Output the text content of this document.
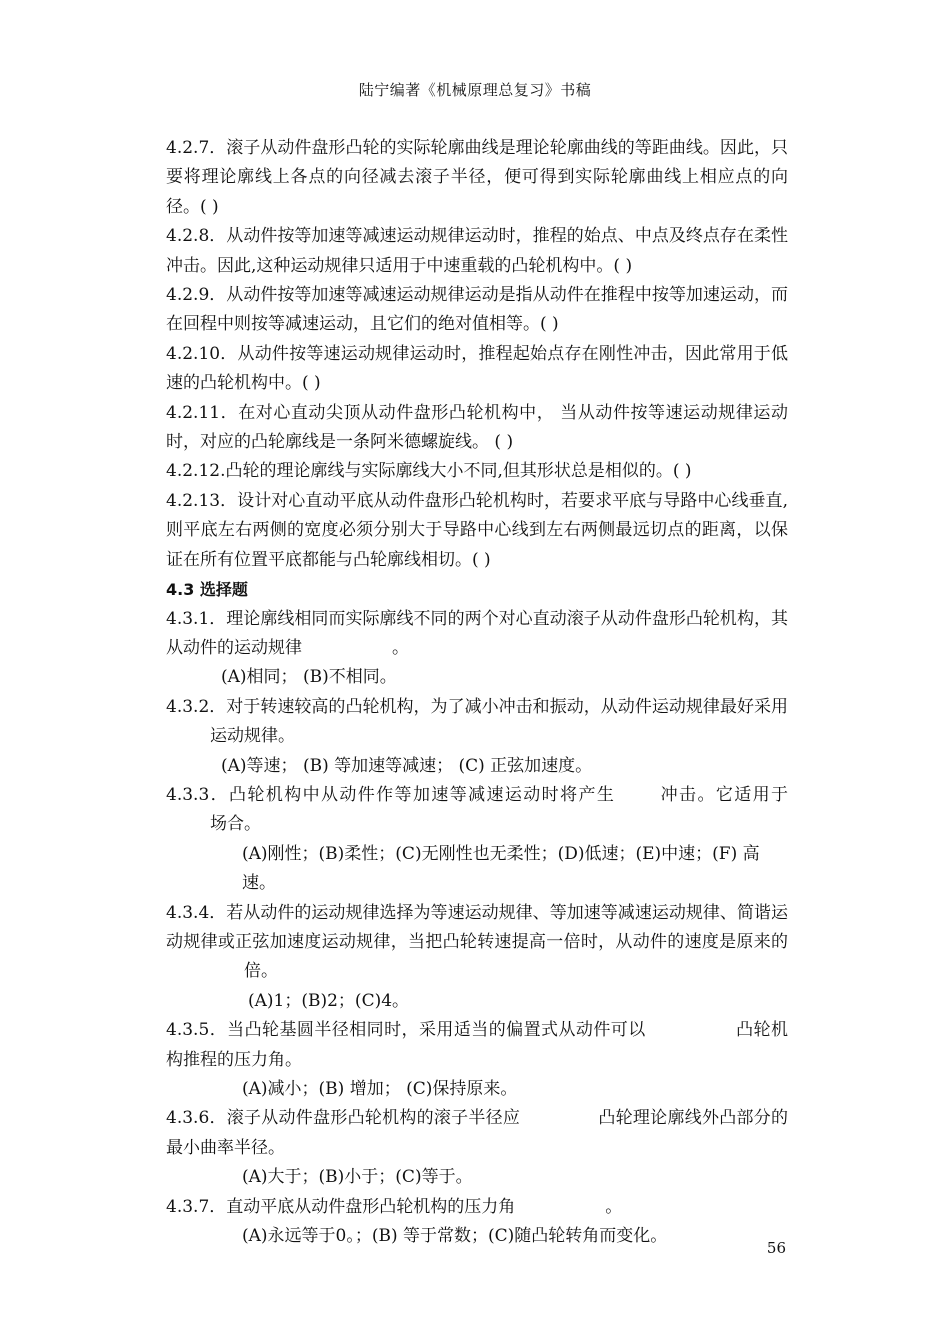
陆宁编著《机械原理总复习》书稿

4.2.7．滚子从动件盘形凸轮的实际轮廓曲线是理论轮廓曲线的等距曲线。因此，只要将理论廓线上各点的向径减去滚子半径，便可得到实际轮廓曲线上相应点的向径。( )

4.2.8．从动件按等加速等减速运动规律运动时，推程的始点、中点及终点存在柔性冲击。因此,这种运动规律只适用于中速重载的凸轮机构中。( )

4.2.9．从动件按等加速等减速运动规律运动是指从动件在推程中按等加速运动，而在回程中则按等减速运动，且它们的绝对值相等。( )

4.2.10．从动件按等速运动规律运动时，推程起始点存在刚性冲击，因此常用于低速的凸轮机构中。( )

4.2.11．在对心直动尖顶从动件盘形凸轮机构中， 当从动件按等速运动规律运动时，对应的凸轮廓线是一条阿米德螺旋线。 ( )

4.2.12.凸轮的理论廓线与实际廓线大小不同,但其形状总是相似的。( )

4.2.13．设计对心直动平底从动件盘形凸轮机构时，若要求平底与导路中心线垂直,则平底左右两侧的宽度必须分别大于导路中心线到左右两侧最远切点的距离，以保证在所有位置平底都能与凸轮廓线相切。( )

4.3 选择题

4.3.1．理论廓线相同而实际廓线不同的两个对心直动滚子从动件盘形凸轮机构，其从动件的运动规律	。

(A)相同； (B)不相同。

4.3.2．对于转速较高的凸轮机构，为了减小冲击和振动，从动件运动规律最好采用运动规律。

(A)等速； (B) 等加速等减速； (C) 正弦加速度。

4.3.3．凸轮机构中从动件作等加速等减速运动时将产生	冲击。它适用于场合。

(A)刚性；(B)柔性；(C)无刚性也无柔性；(D)低速；(E)中速；(F) 高速。

4.3.4．若从动件的运动规律选择为等速运动规律、等加速等减速运动规律、简谐运动规律或正弦加速度运动规律，当把凸轮转速提高一倍时，从动件的速度是原来的倍。

(A)1；(B)2；(C)4。

4.3.5．当凸轮基圆半径相同时，采用适当的偏置式从动件可以	凸轮机构推程的压力角。

(A)减小；(B) 增加； (C)保持原来。

4.3.6．滚子从动件盘形凸轮机构的滚子半径应	凸轮理论廓线外凸部分的最小曲率半径。

(A)大于；(B)小于；(C)等于。

4.3.7．直动平底从动件盘形凸轮机构的压力角	。

(A)永远等于0。；(B) 等于常数；(C)随凸轮转角而变化。

56
